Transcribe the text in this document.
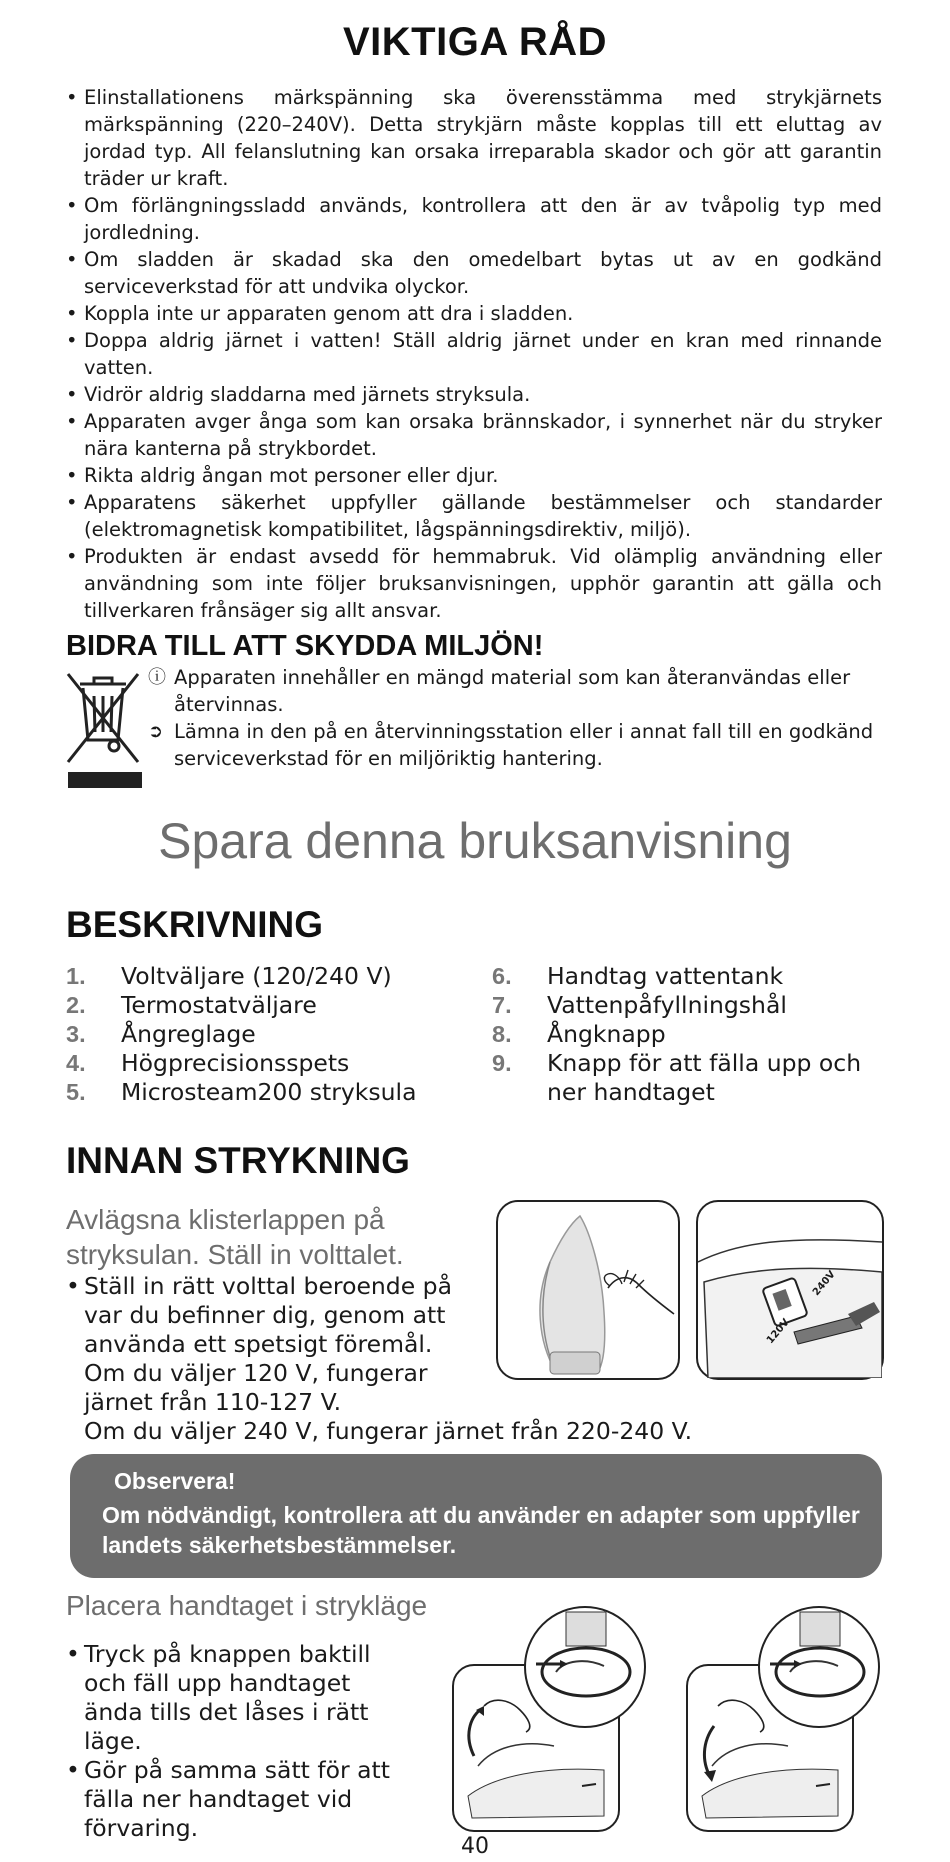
VIKTIGA RÅD
• Elinstallationens märkspänning ska överensstämma med strykjärnets märkspänning (220–240V). Detta strykjärn måste kopplas till ett eluttag av jordad typ. All felanslutning kan orsaka irreparabla skador och gör att garantin träder ur kraft.
• Om förlängningssladd används, kontrollera att den är av tvåpolig typ med jordledning.
• Om sladden är skadad ska den omedelbart bytas ut av en godkänd serviceverkstad för att undvika olyckor.
• Koppla inte ur apparaten genom att dra i sladden.
• Doppa aldrig järnet i vatten! Ställ aldrig järnet under en kran med rinnande vatten.
• Vidrör aldrig sladdarna med järnets stryksula.
• Apparaten avger ånga som kan orsaka brännskador, i synnerhet när du stryker nära kanterna på strykbordet.
• Rikta aldrig ångan mot personer eller djur.
• Apparatens säkerhet uppfyller gällande bestämmelser och standarder (elektromagnetisk kompatibilitet, lågspänningsdirektiv, miljö).
• Produkten är endast avsedd för hemmabruk. Vid olämplig användning eller användning som inte följer bruksanvisningen, upphör garantin att gälla och tillverkaren frånsäger sig allt ansvar.
BIDRA TILL ATT SKYDDA MILJÖN!
ⓘ Apparaten innehåller en mängd material som kan återanvändas eller återvinnas.
➲ Lämna in den på en återvinningsstation eller i annat fall till en godkänd serviceverkstad för en miljöriktig hantering.
Spara denna bruksanvisning
BESKRIVNING
1. Voltväljare (120/240 V)
2. Termostatväljare
3. Ångreglage
4. Högprecisionsspets
5. Microsteam200 stryksula
6. Handtag vattentank
7. Vattenpåfyllningshål
8. Ångknapp
9. Knapp för att fälla upp och ner handtaget
INNAN STRYKNING

Avlägsna klisterlappen på stryksulan. Ställ in volttalet.

• Ställ in rätt volttal beroende på
var du befinner dig, genom att
använda ett spetsigt föremål.
Om du väljer 120 V, fungerar
järnet från 110-127 V.
Om du väljer 240 V, fungerar järnet från 220-240 V.
120V
240V
Observera!
Om nödvändigt, kontrollera att du använder en adapter som uppfyller landets säkerhetsbestämmelser.

Placera handtaget i strykläge

• Tryck på knappen baktill och fäll upp handtaget ända tills det låses i rätt läge.
• Gör på samma sätt för att fälla ner handtaget vid förvaring.
40
